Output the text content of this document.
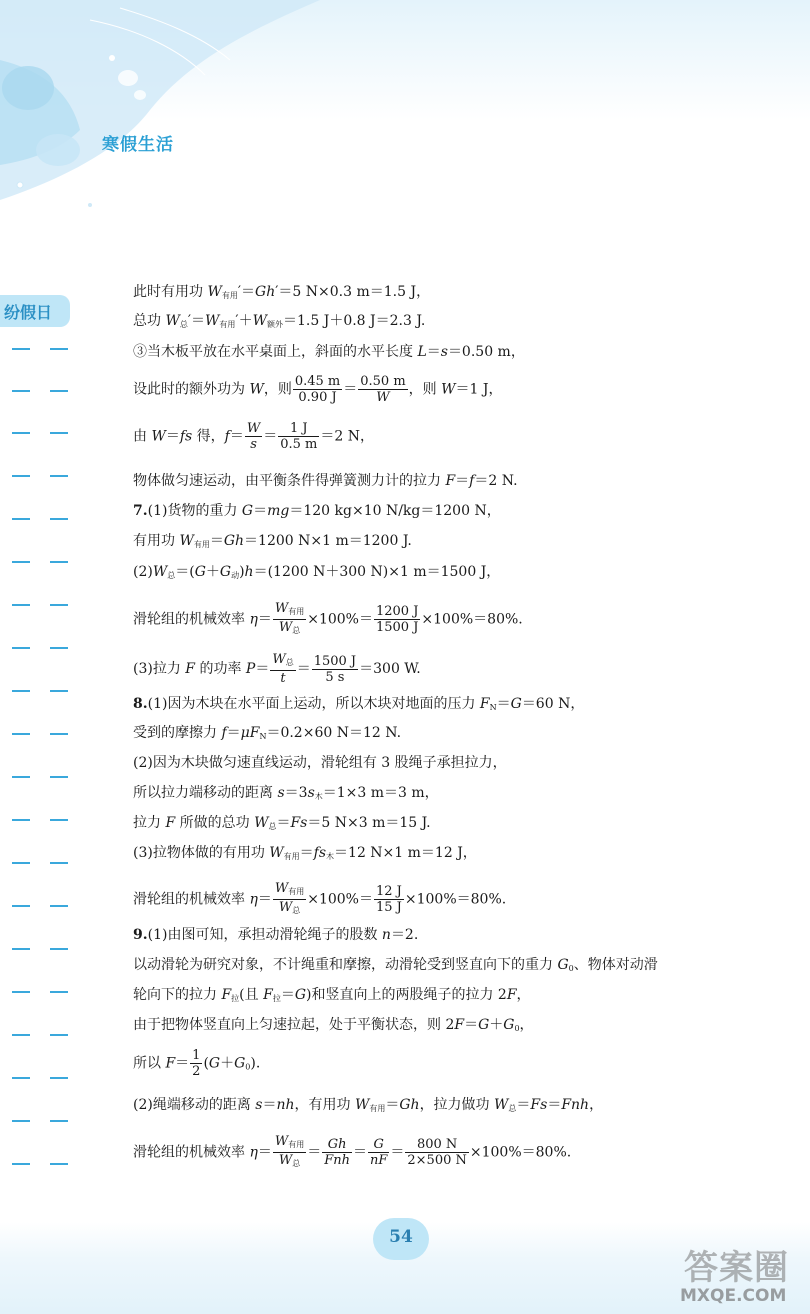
寒假生活
纷假日
此时有用功 $W_{有用}'=Gh'=5$ N×0.3 m＝1.5 J，
总功 $W_总'=W_{有用}'+W_{额外}=1.5$ J＋0.8 J＝2.3 J.
③当木板平放在水平桌面上，斜面的水平长度 L＝s＝0.50 m，
设此时的额外功为 W，则 $\frac{0.45 m}{0.90 J} = \frac{0.50 m}{W}$ ，则 W＝1 J，
由 W＝fs 得，$f= \frac{W}{s} = \frac{1 J}{0.5 m} =2$ N，
物体做匀速运动，由平衡条件得弹簧测力计的拉力 F＝f＝2 N.
7.(1)货物的重力 G＝mg＝120 kg×10 N/kg＝1200 N，
有用功 $W_{有用}=Gh=1200$ N×1 m＝1200 J.
$(2)W_总=(G+G_动)h=(1200$ N＋300 N)×1 m＝1500 J，
滑轮组的机械效率 $\eta= \frac{W_{有用}}{W_总} \times 100\%= \frac{1200 J}{1500 J} \times 100\%=80\%$.
(3)拉力 F 的功率 $P= \frac{W_总}{t} = \frac{1500 J}{5 s} =300$ W.
8.(1)因为木块在水平面上运动，所以木块对地面的压力 $F_N=G=60$ N，
受到的摩擦力 $f=\mu F_N=0.2\times 60$ N＝12 N.
(2)因为木块做匀速直线运动，滑轮组有 3 股绳子承担拉力，
所以拉力端移动的距离 $s=3s_木=1\times 3$ m＝3 m，
拉力 F 所做的总功 $W_总=Fs=5$ N×3 m＝15 J.
(3)拉物体做的有用功 $W_{有用}=fs_木=12$ N×1 m＝12 J，
滑轮组的机械效率 $\eta= \frac{W_{有用}}{W_总} \times 100\%= \frac{12 J}{15 J} \times 100\%=80\%$.
9.(1)由图可知，承担动滑轮绳子的股数 n＝2.
以动滑轮为研究对象，不计绳重和摩擦，动滑轮受到竖直向下的重力 $G_0$、物体对动滑
轮向下的拉力 $F_拉$(且 $F_拉=G$)和竖直向上的两股绳子的拉力 2F，
由于把物体竖直向上匀速拉起，处于平衡状态，则 $2F=G+G_0$，
所以 $F= \frac{1}{2} (G+G_0)$.
(2)绳端移动的距离 s＝nh，有用功 $W_{有用}=Gh$，拉力做功 $W_总=Fs=Fnh$，
滑轮组的机械效率 $\eta= \frac{W_{有用}}{W_总} = \frac{Gh}{\text{Fnh}} = \frac{G}{nF} = \frac{800 N}{2\times 500 N} \times 100\%=80\%$.
54
答案圈
MXQE.COM
